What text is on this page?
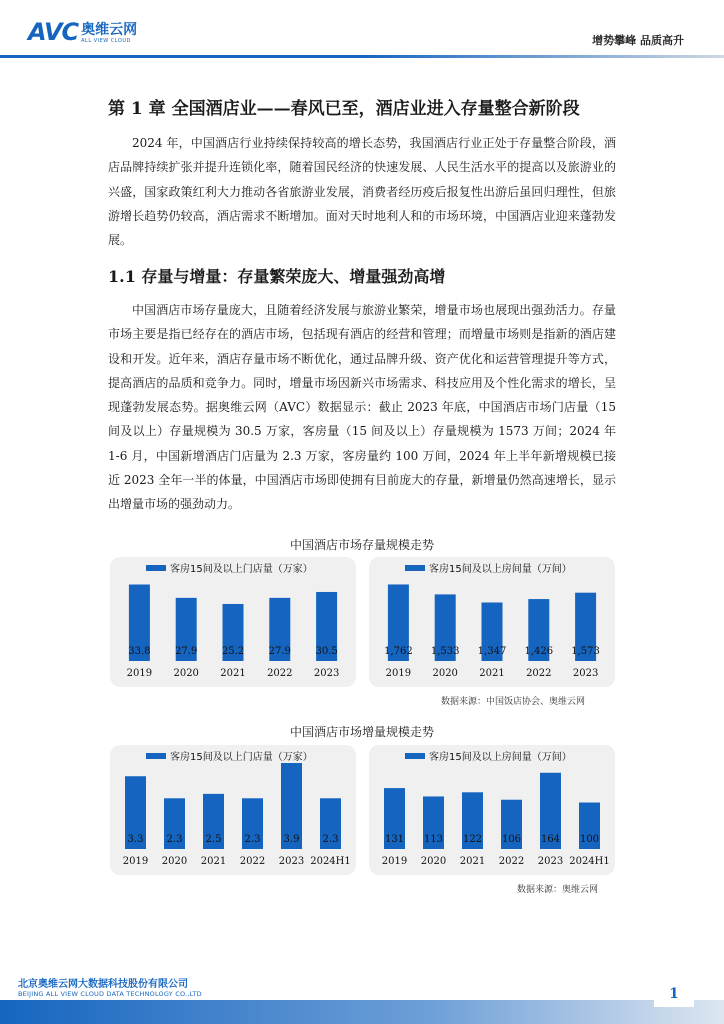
AVC 奥维云网
ALL VIEW CLOUD	增势攀峰 品质高升
第 1 章 全国酒店业——春风已至，酒店业进入存量整合新阶段

2024 年，中国酒店行业持续保持较高的增长态势，我国酒店行业正处于存量整合阶段，酒店品牌持续扩张并提升连锁化率，随着国民经济的快速发展、人民生活水平的提高以及旅游业的兴盛，国家政策红利大力推动各省旅游业发展，消费者经历疫后报复性出游后虽回归理性，但旅游增长趋势仍较高，酒店需求不断增加。面对天时地利人和的市场环境，中国酒店业迎来蓬勃发展。

1.1 存量与增量：存量繁荣庞大、增量强劲高增

中国酒店市场存量庞大，且随着经济发展与旅游业繁荣，增量市场也展现出强劲活力。存量市场主要是指已经存在的酒店市场，包括现有酒店的经营和管理；而增量市场则是指新的酒店建设和开发。近年来，酒店存量市场不断优化，通过品牌升级、资产优化和运营管理提升等方式，提高酒店的品质和竞争力。同时，增量市场因新兴市场需求、科技应用及个性化需求的增长，呈现蓬勃发展态势。据奥维云网（AVC）数据显示：截止 2023 年底，中国酒店市场门店量（15 间及以上）存量规模为 30.5 万家，客房量（15 间及以上）存量规模为 1573 万间；2024 年 1-6 月，中国新增酒店门店量为 2.3 万家，客房量约 100 万间，2024 年上半年新增规模已接近 2023 全年一半的体量，中国酒店市场即使拥有目前庞大的存量，新增量仍然高速增长，显示出增量市场的强劲动力。

中国酒店市场存量规模走势
客房15间及以上门店量（万家）
33.8
2019
27.9
2020
25.2
2021
27.9
2022
30.5
2023
客房15间及以上房间量（万间）
1,762
2019
1,533
2020
1,347
2021
1,426
2022
1,573
2023
数据来源：中国饭店协会、奥维云网
中国酒店市场增量规模走势
客房15间及以上门店量（万家）
3.3
2019
2.3
2020
2.5
2021
2.3
2022
3.9
2023
2.3
2024H1
客房15间及以上房间量（万间）
131
2019
113
2020
122
2021
106
2022
164
2023
100
2024H1
数据来源：奥维云网
北京奥维云网大数据科技股份有限公司
BEIJING ALL VIEW CLOUD DATA TECHNOLOGY CO.,LTD	1
